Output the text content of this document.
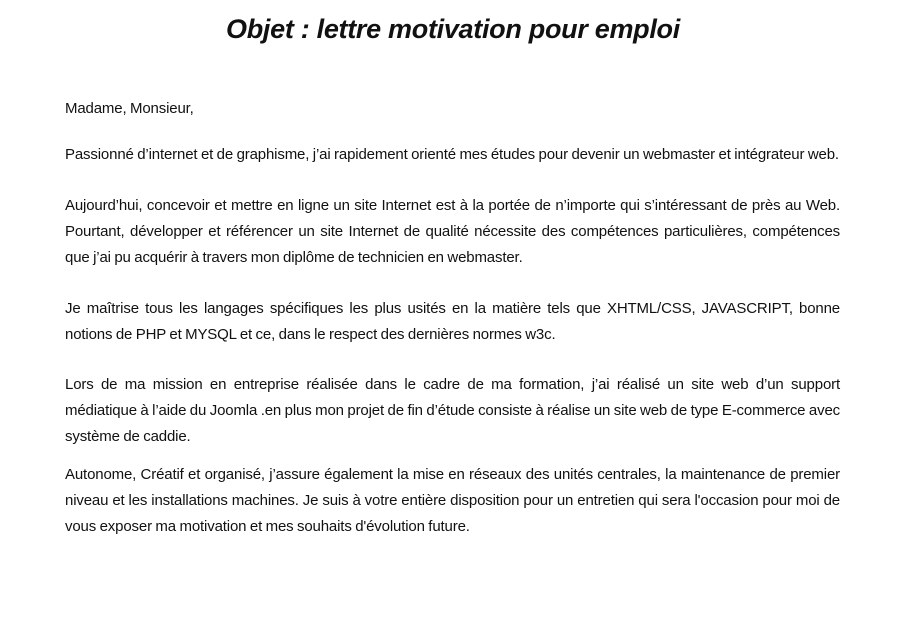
Objet : lettre motivation pour emploi

Madame, Monsieur,

Passionné d’internet et de graphisme, j’ai rapidement orienté mes études pour devenir un webmaster et intégrateur web.

Aujourd’hui, concevoir et mettre en ligne un site Internet est à la portée de n’importe qui s’intéressant de près au Web. Pourtant, développer et référencer un site Internet de qualité nécessite des compétences particulières, compétences que j’ai pu acquérir à travers mon diplôme de technicien en webmaster.

Je maîtrise tous les langages spécifiques les plus usités en la matière tels que XHTML/CSS, JAVASCRIPT, bonne notions de PHP et MYSQL et ce, dans le respect des dernières normes w3c.

Lors de ma mission en entreprise réalisée dans le cadre de ma formation, j’ai réalisé un site web d’un support médiatique à l’aide du Joomla .en plus mon projet de fin d’étude consiste à réalise un site web de type E-commerce avec système de caddie.

Autonome, Créatif et organisé, j’assure également la mise en réseaux des unités centrales, la maintenance de premier niveau et les installations machines. Je suis à votre entière disposition pour un entretien qui sera l'occasion pour moi de vous exposer ma motivation et mes souhaits d'évolution future.
